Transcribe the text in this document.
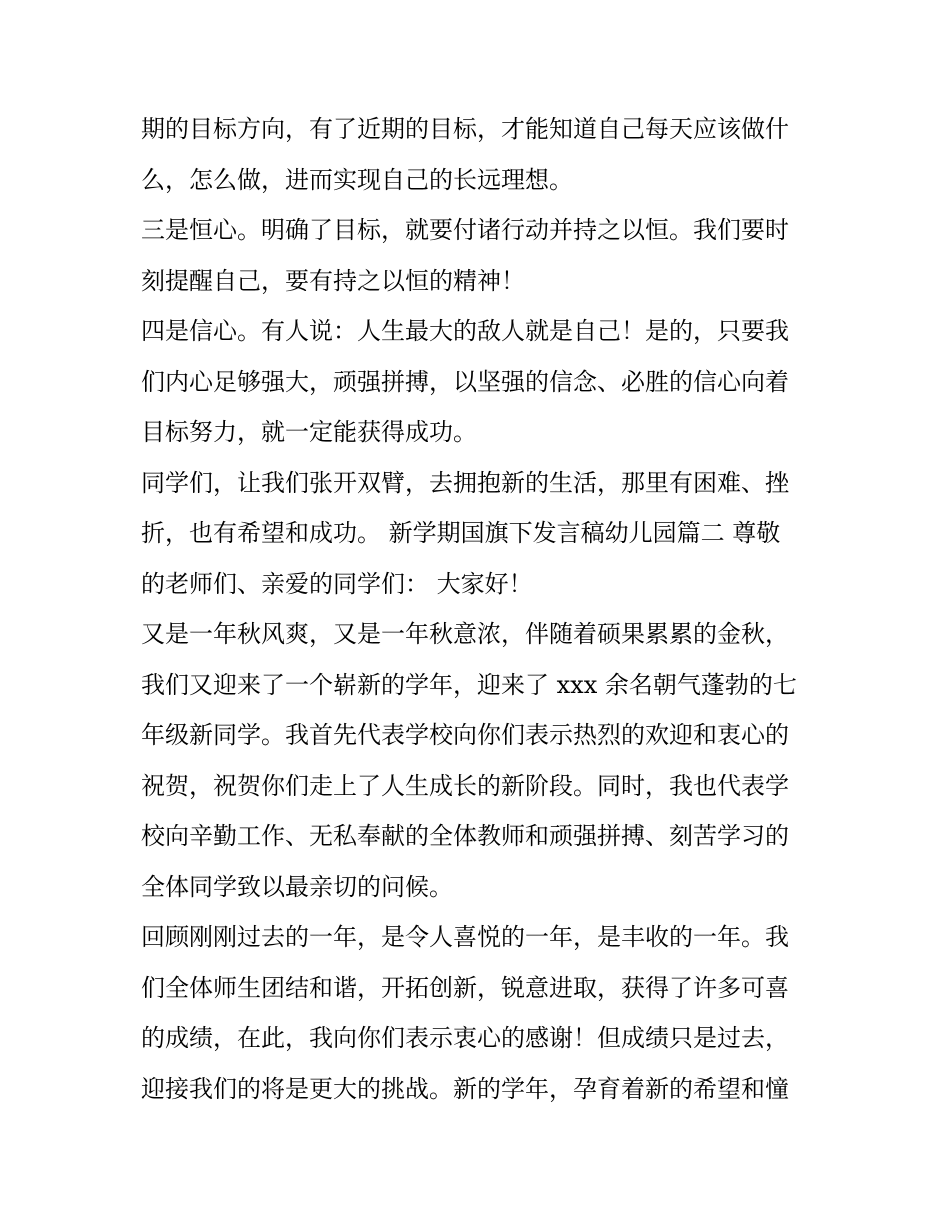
期的目标方向，有了近期的目标，才能知道自己每天应该做什
么，怎么做，进而实现自己的长远理想。
三是恒心。明确了目标，就要付诸行动并持之以恒。我们要时
刻提醒自己，要有持之以恒的精神！
四是信心。有人说：人生最大的敌人就是自己！是的，只要我
们内心足够强大，顽强拼搏，以坚强的信念、必胜的信心向着
目标努力，就一定能获得成功。
同学们，让我们张开双臂，去拥抱新的生活，那里有困难、挫
折，也有希望和成功。 新学期国旗下发言稿幼儿园篇二 尊敬
的老师们、亲爱的同学们： 大家好！
又是一年秋风爽，又是一年秋意浓，伴随着硕果累累的金秋，
我们又迎来了一个崭新的学年，迎来了 xxx 余名朝气蓬勃的七
年级新同学。我首先代表学校向你们表示热烈的欢迎和衷心的
祝贺，祝贺你们走上了人生成长的新阶段。同时，我也代表学
校向辛勤工作、无私奉献的全体教师和顽强拼搏、刻苦学习的
全体同学致以最亲切的问候。
回顾刚刚过去的一年，是令人喜悦的一年，是丰收的一年。我
们全体师生团结和谐，开拓创新，锐意进取，获得了许多可喜
的成绩，在此，我向你们表示衷心的感谢！但成绩只是过去，
迎接我们的将是更大的挑战。新的学年，孕育着新的希望和憧
